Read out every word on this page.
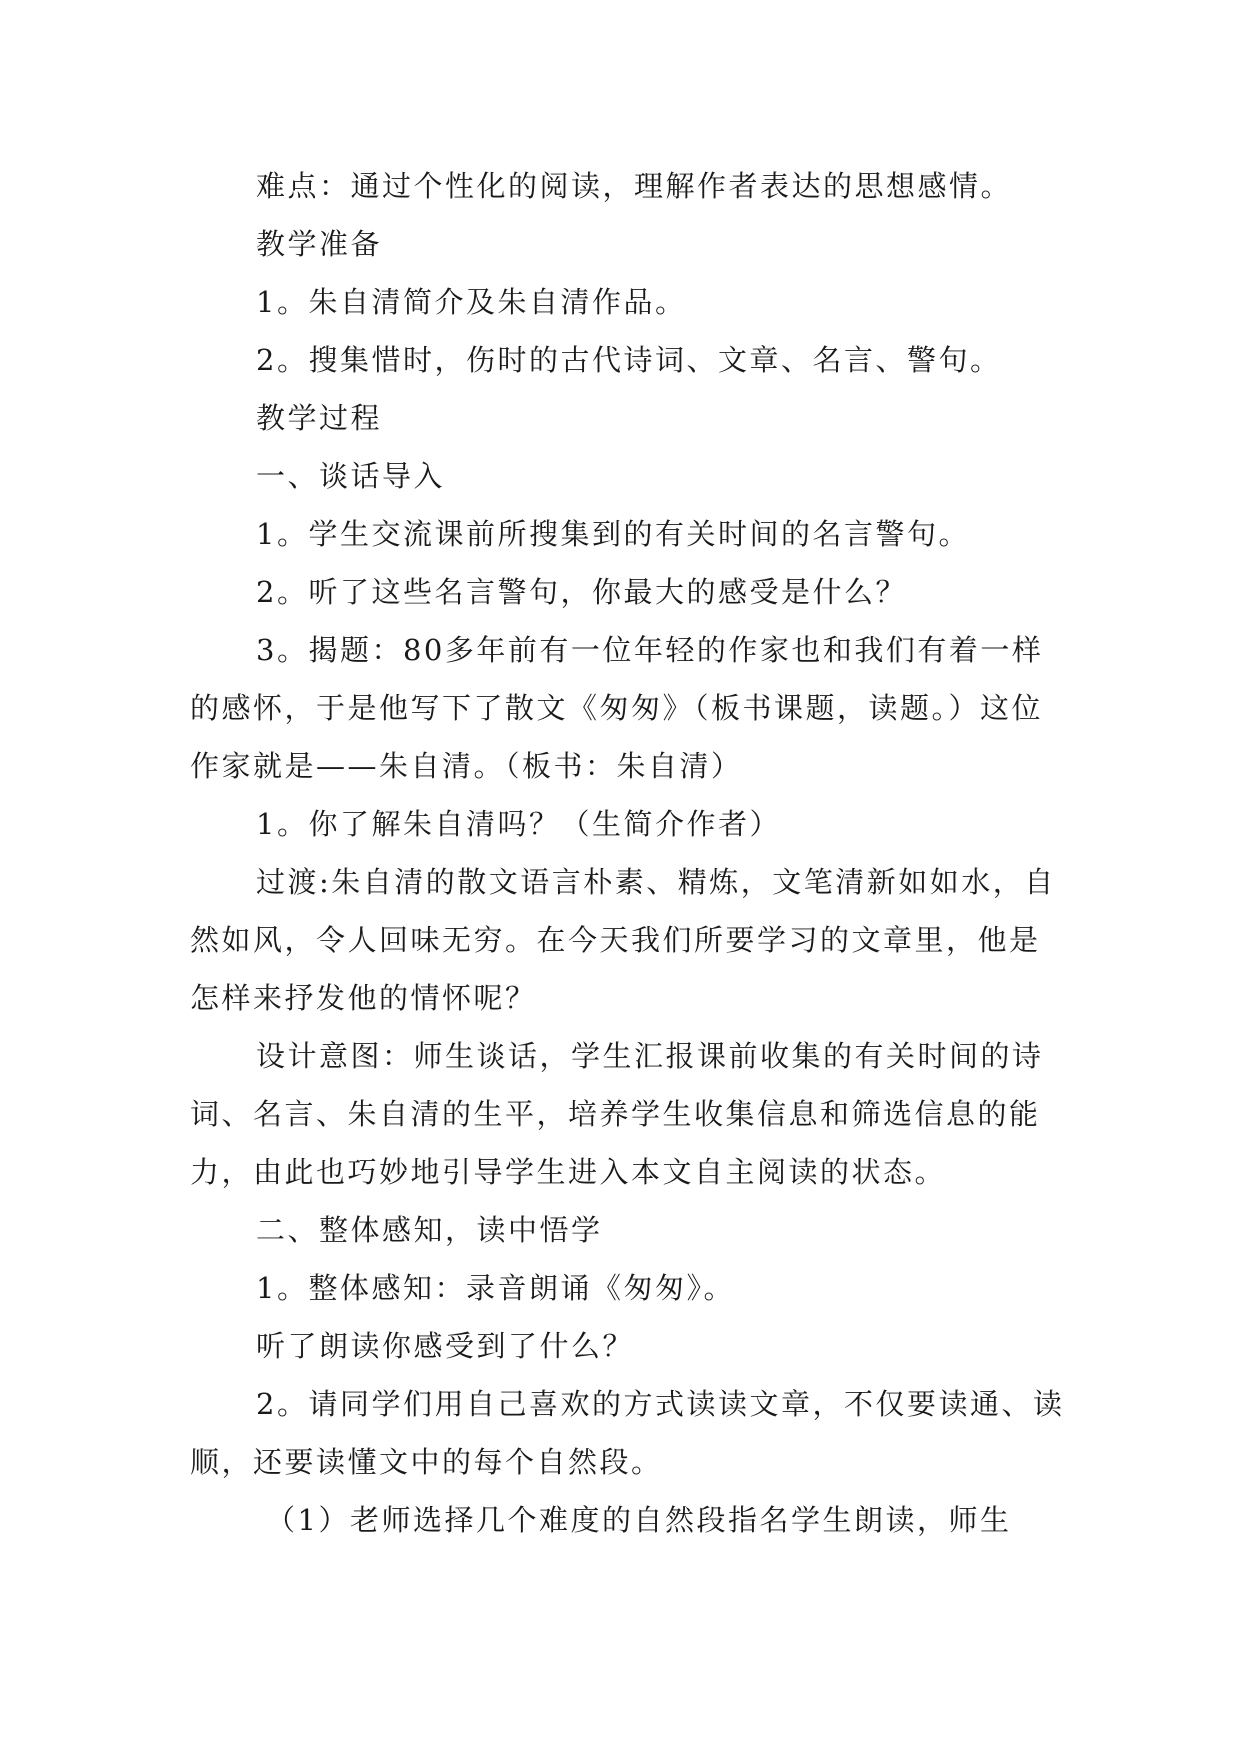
难点：通过个性化的阅读，理解作者表达的思想感情。

教学准备

1。朱自清简介及朱自清作品。

2。搜集惜时，伤时的古代诗词、文章、名言、警句。

教学过程

一、谈话导入

1。学生交流课前所搜集到的有关时间的名言警句。

2。听了这些名言警句，你最大的感受是什么？

3。揭题：80多年前有一位年轻的作家也和我们有着一样的感怀，于是他写下了散文《匆匆》（板书课题，读题。）这位作家就是——朱自清。（板书：朱自清）

1。你了解朱自清吗？（生简介作者）

过渡:朱自清的散文语言朴素、精炼，文笔清新如如水，自然如风，令人回味无穷。在今天我们所要学习的文章里，他是怎样来抒发他的情怀呢？

设计意图：师生谈话，学生汇报课前收集的有关时间的诗词、名言、朱自清的生平，培养学生收集信息和筛选信息的能力，由此也巧妙地引导学生进入本文自主阅读的状态。

二、整体感知，读中悟学

1。整体感知：录音朗诵《匆匆》。

听了朗读你感受到了什么？

2。请同学们用自己喜欢的方式读读文章，不仅要读通、读顺，还要读懂文中的每个自然段。

（1）老师选择几个难度的自然段指名学生朗读，师生
